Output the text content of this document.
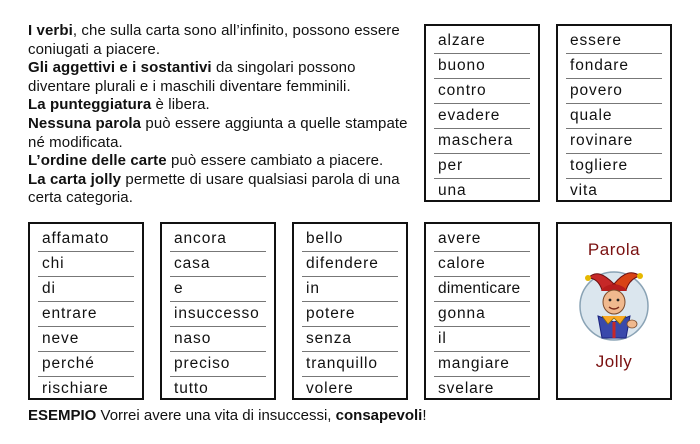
I verbi, che sulla carta sono all’infinito, possono essere coniugati a piacere.

Gli aggettivi e i sostantivi da singolari possono diventare plurali e i maschili diventare femminili.

La punteggiatura è libera.

Nessuna parola può essere aggiunta a quelle stampate né modificata.

L’ordine delle carte può essere cambiato a piacere.

La carta jolly permette di usare qualsiasi parola di una certa categoria.

alzare
buono
contro
evadere
maschera
per
una
essere
fondare
povero
quale
rovinare
togliere
vita
affamato
chi
di
entrare
neve
perché
rischiare
ancora
casa
e
insuccesso
naso
preciso
tutto
bello
difendere
in
potere
senza
tranquillo
volere
avere
calore
dimenticare
gonna
il
mangiare
svelare
Parola
Jolly
ESEMPIO Vorrei avere una vita di insuccessi, consapevoli!
